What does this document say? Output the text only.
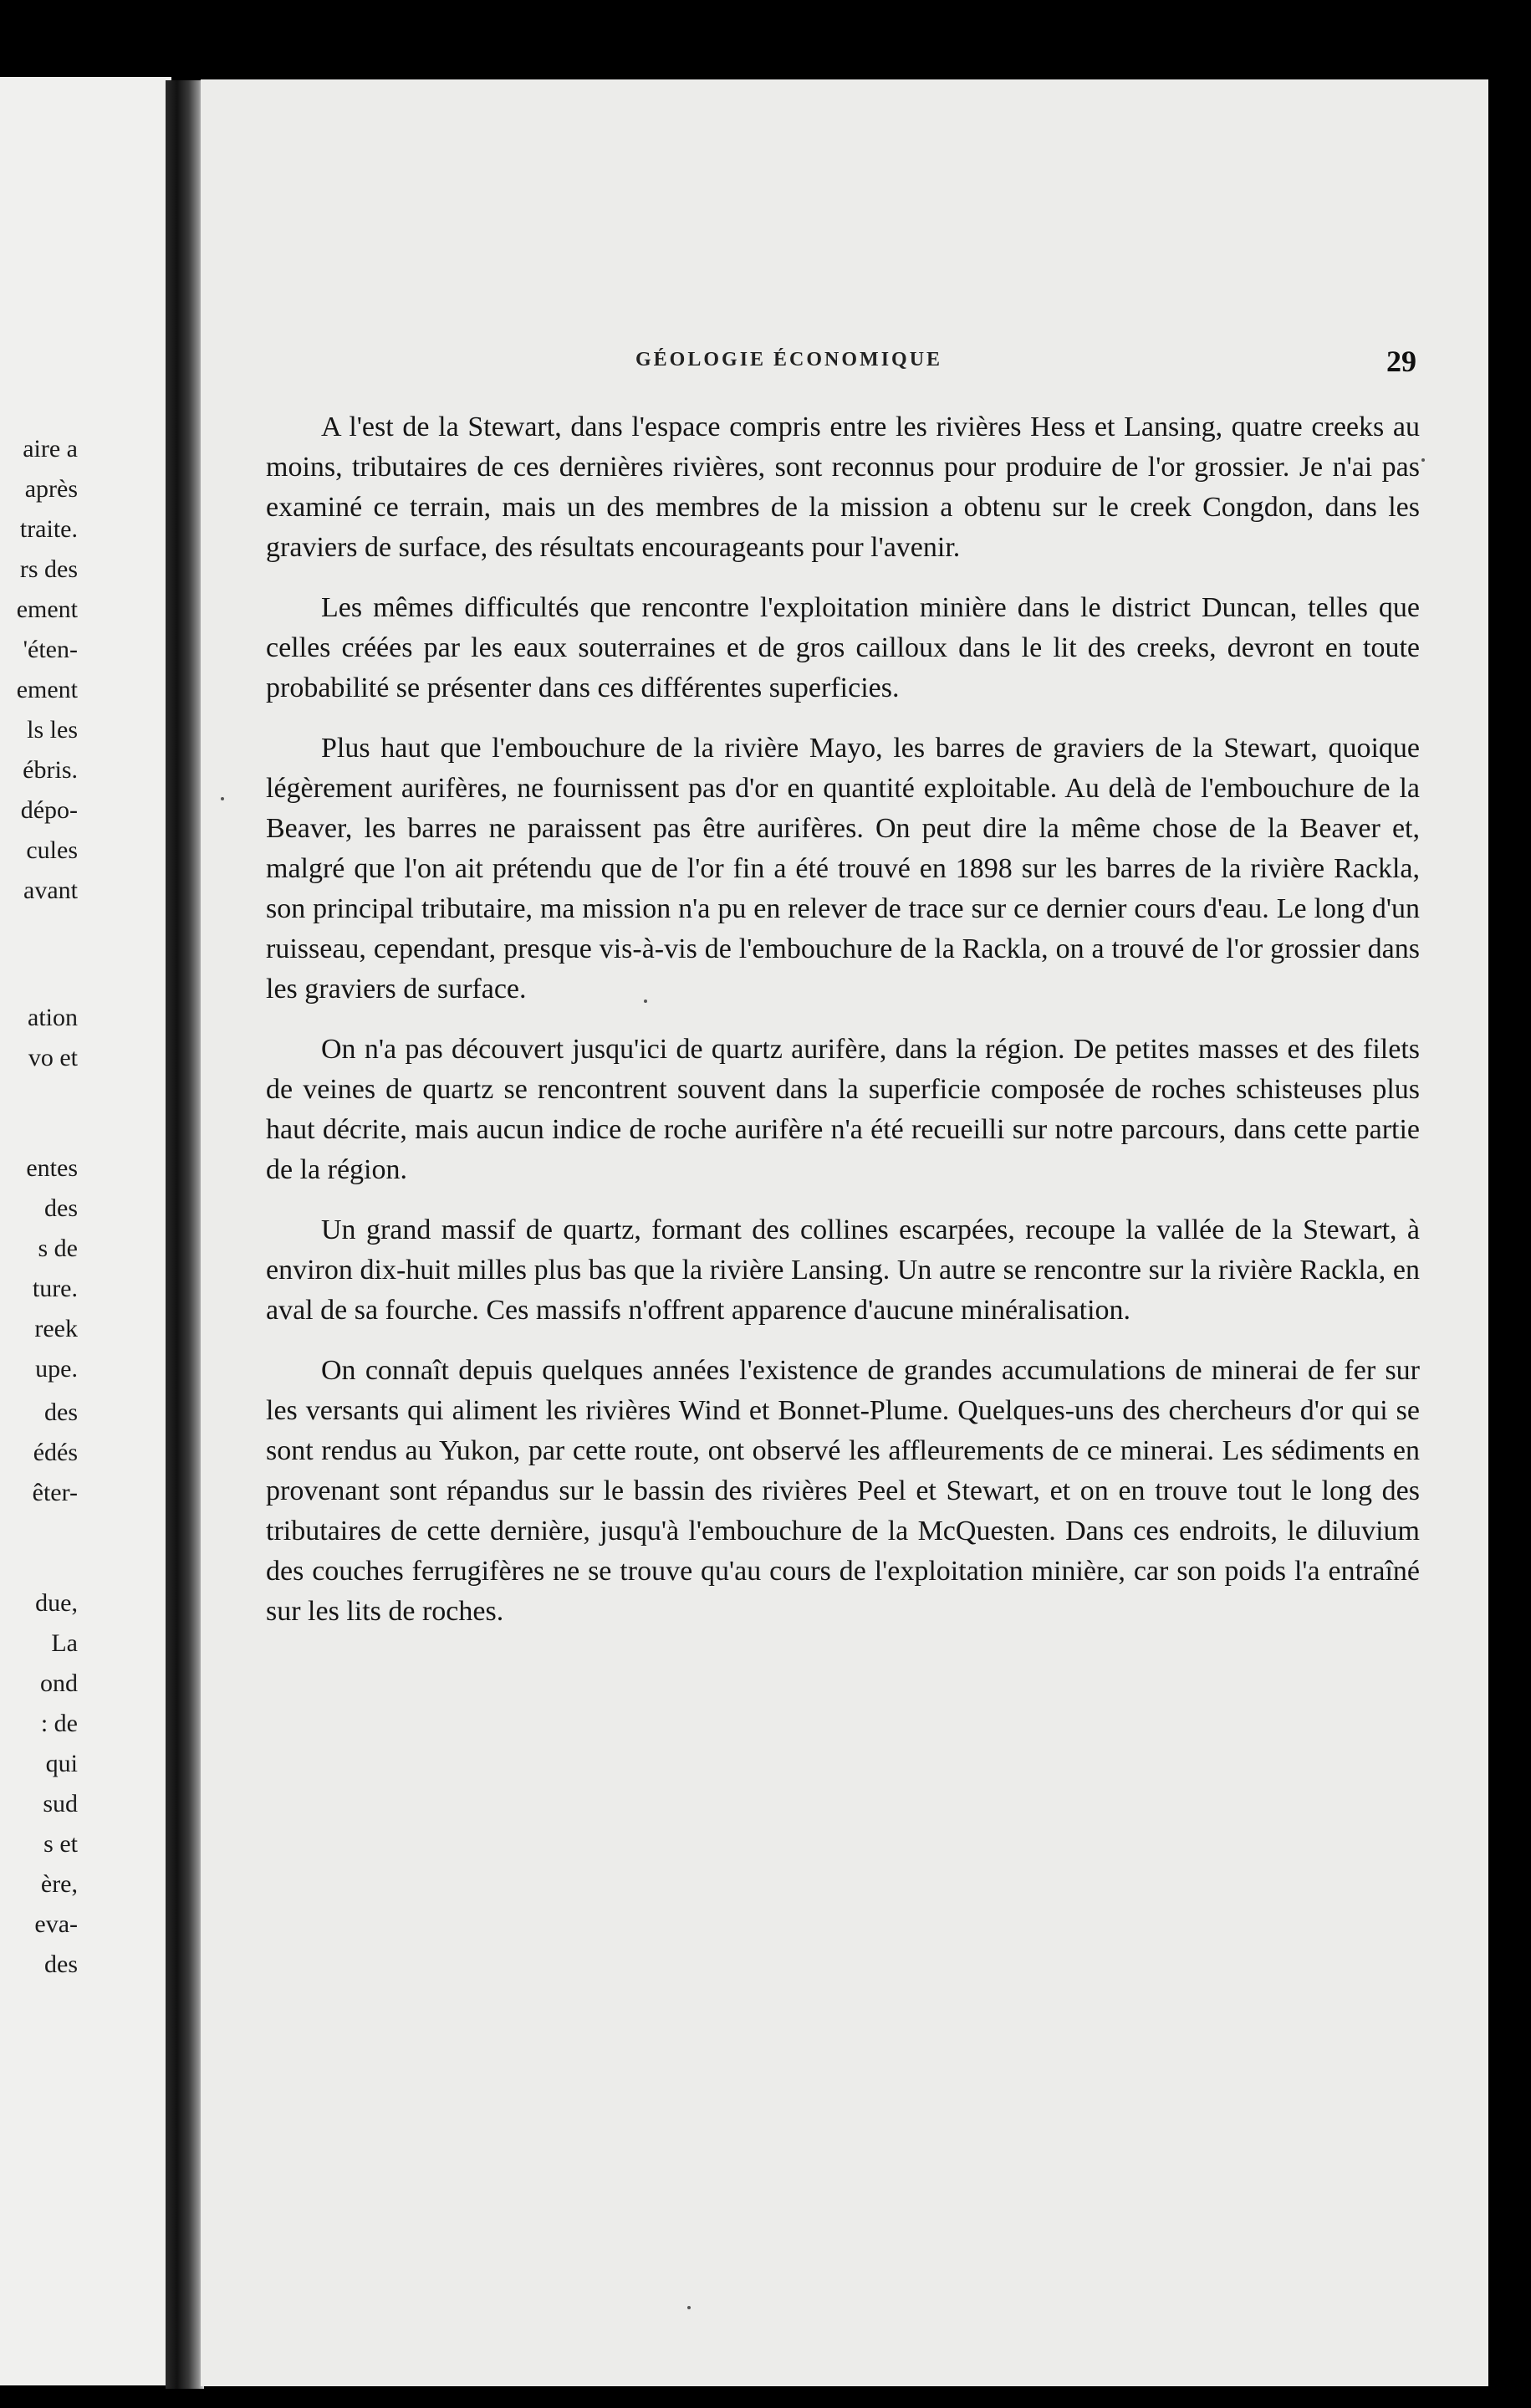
aire a
après
traite.
rs des
ement
'éten-
ement
ls les
ébris.
dépo-
cules
avant
ation
vo et
entes
des
s de
ture.
reek
upe.
des
édés
êter-
due,
La
ond
: de
qui
sud
s et
ère,
eva-
des
GÉOLOGIE ÉCONOMIQUE	29

A l'est de la Stewart, dans l'espace compris entre les rivières Hess et Lansing, quatre creeks au moins, tributaires de ces dernières rivières, sont reconnus pour produire de l'or grossier. Je n'ai pas examiné ce terrain, mais un des membres de la mission a obtenu sur le creek Congdon, dans les graviers de surface, des résultats encourageants pour l'avenir.

Les mêmes difficultés que rencontre l'exploitation minière dans le district Duncan, telles que celles créées par les eaux souterraines et de gros cailloux dans le lit des creeks, devront en toute probabilité se présenter dans ces différentes superficies.

Plus haut que l'embouchure de la rivière Mayo, les barres de graviers de la Stewart, quoique légèrement aurifères, ne fournissent pas d'or en quantité exploitable. Au delà de l'embouchure de la Beaver, les barres ne paraissent pas être aurifères. On peut dire la même chose de la Beaver et, malgré que l'on ait prétendu que de l'or fin a été trouvé en 1898 sur les barres de la rivière Rackla, son principal tributaire, ma mission n'a pu en relever de trace sur ce dernier cours d'eau. Le long d'un ruisseau, cependant, presque vis-à-vis de l'embouchure de la Rackla, on a trouvé de l'or grossier dans les graviers de surface.

On n'a pas découvert jusqu'ici de quartz aurifère, dans la région. De petites masses et des filets de veines de quartz se rencontrent souvent dans la superficie composée de roches schisteuses plus haut décrite, mais aucun indice de roche aurifère n'a été recueilli sur notre parcours, dans cette partie de la région.

Un grand massif de quartz, formant des collines escarpées, recoupe la vallée de la Stewart, à environ dix-huit milles plus bas que la rivière Lansing. Un autre se rencontre sur la rivière Rackla, en aval de sa fourche. Ces massifs n'offrent apparence d'aucune minéralisation.

On connaît depuis quelques années l'existence de grandes accumulations de minerai de fer sur les versants qui aliment les rivières Wind et Bonnet-Plume. Quelques-uns des chercheurs d'or qui se sont rendus au Yukon, par cette route, ont observé les affleurements de ce minerai. Les sédiments en provenant sont répandus sur le bassin des rivières Peel et Stewart, et on en trouve tout le long des tributaires de cette dernière, jusqu'à l'embouchure de la McQuesten. Dans ces endroits, le diluvium des couches ferrugifères ne se trouve qu'au cours de l'exploitation minière, car son poids l'a entraîné sur les lits de roches.
